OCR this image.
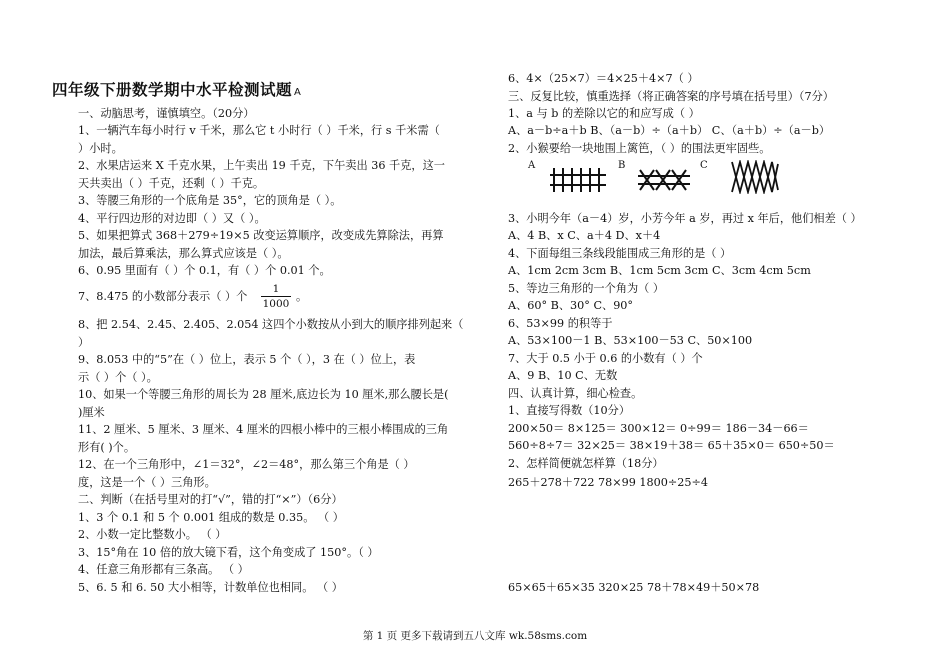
四年级下册数学期中水平检测试题 A
一、动脑思考，谨慎填空。（20分）
1、一辆汽车每小时行 v 千米，那么它 t 小时行（ ）千米，行 s 千米需（
）小时。
2、水果店运来 X 千克水果，上午卖出 19 千克，下午卖出 36 千克，这一
天共卖出（ ）千克，还剩（ ）千克。
3、等腰三角形的一个底角是 35°，它的顶角是（ ）。
4、平行四边形的对边即（ ）又（ ）。
5、如果把算式 368＋279÷19×5 改变运算顺序，改变成先算除法，再算
加法，最后算乘法，那么算式应该是（ ）。
6、0.95 里面有（ ）个 0.1，有（ ）个 0.01 个。
7、8.475 的小数部分表示（ ）个 $\frac{1}{1000}$ 。
8、把 2.54、2.45、2.405、2.054 这四个小数按从小到大的顺序排列起来（
）
9、8.053 中的“5”在（ ）位上，表示 5 个（ ），3 在（ ）位上，表
示（ ）个（ ）。
10、如果一个等腰三角形的周长为 28 厘米,底边长为 10 厘米,那么腰长是(
)厘米
11、2 厘米、5 厘米、3 厘米、4 厘米的四根小棒中的三根小棒围成的三角
形有( )个。
12、在一个三角形中，∠1＝32°，∠2＝48°，那么第三个角是（ ）
度，这是一个（ ）三角形。
二、判断（在括号里对的打“√”，错的打“×”）（6分）
1、3 个 0.1 和 5 个 0.001 组成的数是 0.35。 （ ）
2、小数一定比整数小。 （ ）
3、15°角在 10 倍的放大镜下看，这个角变成了 150°。（ ）
4、任意三角形都有三条高。 （ ）
5、6. 5 和 6. 50 大小相等，计数单位也相同。 （ ）
6、4×（25×7）＝4×25＋4×7（ ）
三、反复比较，慎重选择（将正确答案的序号填在括号里）（7分）
1、a 与 b 的差除以它的和应写成（ ）
A、a－b÷a＋b B、（a－b）÷（a＋b） C、（a＋b）÷（a－b）
2、小猴要给一块地围上篱笆，（ ）的围法更牢固些。
A	B	C
3、小明今年（a－4）岁，小芳今年 a 岁，再过 x 年后，他们相差（ ）
A、4 B、x C、a＋4 D、x＋4
4、下面每组三条线段能围成三角形的是（ ）
A、1cm 2cm 3cm B、1cm 5cm 3cm C、3cm 4cm 5cm
5、等边三角形的一个角为（ ）
A、60° B、30° C、90°
6、53×99 的积等于
A、53×100－1 B、53×100－53 C、50×100
7、大于 0.5 小于 0.6 的小数有（ ）个
A、9 B、10 C、无数
四、认真计算，细心检查。
1、直接写得数（10分）
200×50＝ 8×125＝ 300×12＝ 0÷99＝ 186－34－66＝
560÷8÷7＝ 32×25＝ 38×19＋38＝ 65＋35×0＝ 650÷50＝
2、怎样简便就怎样算（18分）
265＋278＋722 78×99 1800÷25÷4
65×65＋65×35 320×25 78＋78×49＋50×78
第 1 页 更多下载请到五八文库 wk.58sms.com
